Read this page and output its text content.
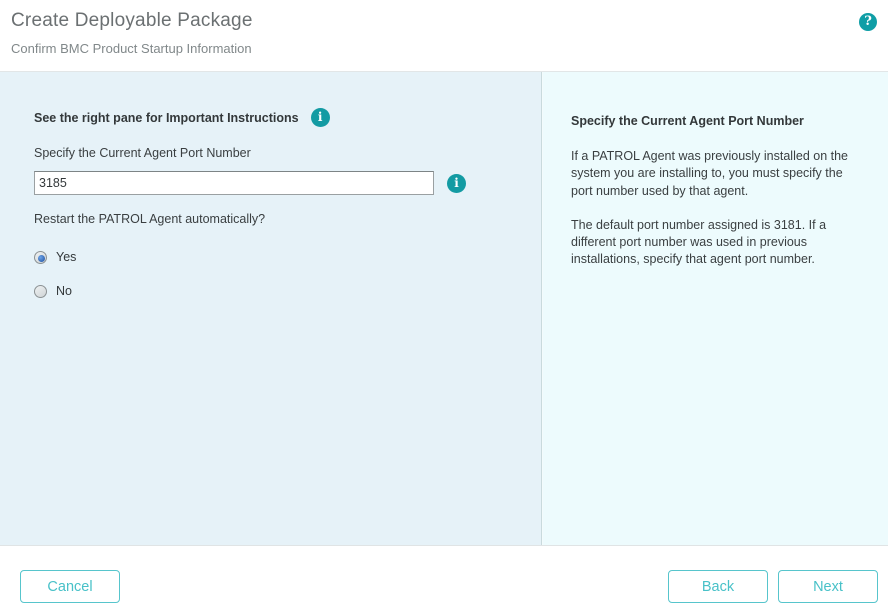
Create Deployable Package
Confirm BMC Product Startup Information
?
See the right pane for Important Instructions	i
Specify the Current Agent Port Number
3185
i
Restart the PATROL Agent automatically?
Yes
No
Specify the Current Agent Port Number
If a PATROL Agent was previously installed on the system you are installing to, you must specify the port number used by that agent.
The default port number assigned is 3181. If a different port number was used in previous installations, specify that agent port number.
Cancel	Back	Next
